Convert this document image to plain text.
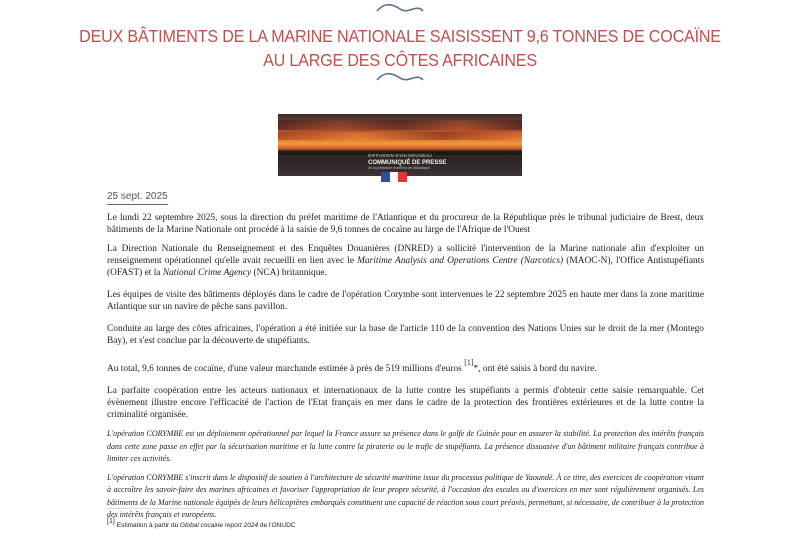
DEUX BÂTIMENTS DE LA MARINE NATIONALE SAISISSENT 9,6 TONNES DE COCAÏNE AU LARGE DES CÔTES AFRICAINES
DIFFUSION D'UN NOUVEAU
COMMUNIQUÉ DE PRESSE
de la préfecture maritime de l'Atlantique
25 sept. 2025

Le lundi 22 septembre 2025, sous la direction du préfet maritime de l'Atlantique et du procureur de la République près le tribunal judiciaire de Brest, deux bâtiments de la Marine Nationale ont procédé à la saisie de 9,6 tonnes de cocaïne au large de l'Afrique de l'Ouest

La Direction Nationale du Renseignement et des Enquêtes Douanières (DNRED) a sollicité l'intervention de la Marine nationale afin d'exploiter un renseignement opérationnel qu'elle avait recueilli en lien avec le Maritime Analysis and Operations Centre (Narcotics) (MAOC-N), l'Office Antistupéfiants (OFAST) et la National Crime Agency (NCA) britannique.

Les équipes de visite des bâtiments déployés dans le cadre de l'opération Corymbe sont intervenues le 22 septembre 2025 en haute mer dans la zone maritime Atlantique sur un navire de pêche sans pavillon.

Conduite au large des côtes africaines, l'opération a été initiée sur la base de l'article 110 de la convention des Nations Unies sur le droit de la mer (Montego Bay), et s'est conclue par la découverte de stupéfiants.

Au total, 9,6 tonnes de cocaïne, d'une valeur marchande estimée à près de 519 millions d'euros [1]*, ont été saisis à bord du navire.

La parfaite coopération entre les acteurs nationaux et internationaux de la lutte contre les stupéfiants a permis d'obtenir cette saisie remarquable. Cet évènement illustre encore l'efficacité de l'action de l'Etat français en mer dans le cadre de la protection des frontières extérieures et de la lutte contre la criminalité organisée.

L'opération CORYMBE est un déploiement opérationnel par lequel la France assure sa présence dans le golfe de Guinée pour en assurer la stabilité. La protection des intérêts français dans cette zone passe en effet par la sécurisation maritime et la lutte contre la piraterie ou le trafic de stupéfiants. La présence dissuasive d'un bâtiment militaire français contribue à limiter ces activités.

L'opération CORYMBE s'inscrit dans le dispositif de soutien à l'architecture de sécurité maritime issue du processus politique de Yaoundé. À ce titre, des exercices de coopération visant à accroître les savoir-faire des marines africaines et favoriser l'appropriation de leur propre sécurité, à l'occasion des escales ou d'exercices en mer sont régulièrement organisés. Les bâtiments de la Marine nationale équipés de leurs hélicoptères embarqués constituent une capacité de réaction sous court préavis, permettant, si nécessaire, de contribuer à la protection des intérêts français et européens.

[1]Estimation à partir du Global cocaine report 2024 de l'ONUDC
